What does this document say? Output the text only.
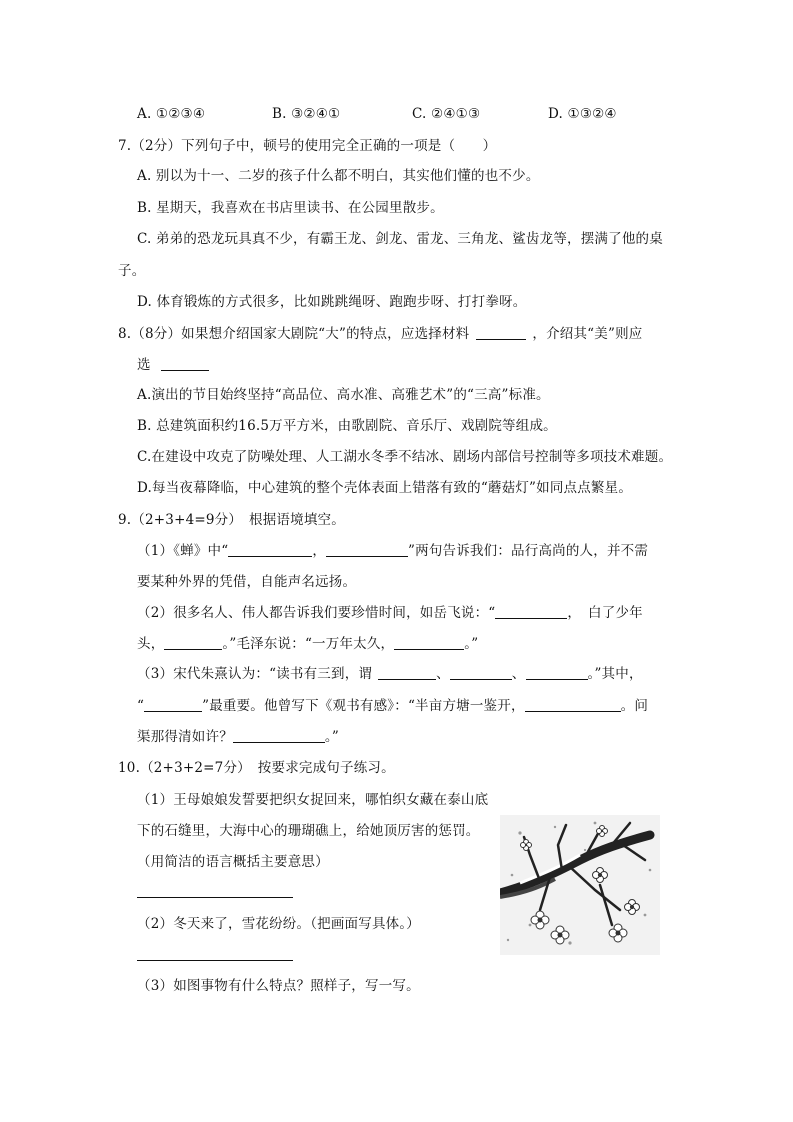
A. ①②③④	B. ③②④①	C. ②④①③	D. ①③②④
7.（2分）下列句子中，顿号的使用完全正确的一项是（　　）
A. 别以为十一、二岁的孩子什么都不明白，其实他们懂的也不少。
B. 星期天，我喜欢在书店里读书、在公园里散步。
C. 弟弟的恐龙玩具真不少，有霸王龙、剑龙、雷龙、三角龙、鲨齿龙等，摆满了他的桌
子。
D. 体育锻炼的方式很多，比如跳跳绳呀、跑跑步呀、打打拳呀。
8.（8分）如果想介绍国家大剧院“大”的特点，应选择材料	，介绍其“美”则应
选
A.演出的节目始终坚持“高品位、高水准、高雅艺术”的“三高”标准。
B. 总建筑面积约16.5万平方米，由歌剧院、音乐厅、戏剧院等组成。
C.在建设中攻克了防噪处理、人工湖水冬季不结冰、剧场内部信号控制等多项技术难题。
D.每当夜幕降临，中心建筑的整个壳体表面上错落有致的“蘑菇灯”如同点点繁星。
9.（2+3+4=9分）　根据语境填空。
（1）《蝉》中“	，	”两句告诉我们：品行高尚的人，并不需
要某种外界的凭借，自能声名远扬。
（2）很多名人、伟人都告诉我们要珍惜时间，如岳飞说：“	，　白了少年
头，	。”毛泽东说：“一万年太久，	。”
（3）宋代朱熹认为：“读书有三到，谓	、	、	。”其中，
“	”最重要。他曾写下《观书有感》：“半亩方塘一鉴开，	。问
渠那得清如许？	。”
10.（2+3+2=7分）　按要求完成句子练习。
（1）王母娘娘发誓要把织女捉回来，哪怕织女藏在泰山底
下的石缝里，大海中心的珊瑚礁上，给她顶厉害的惩罚。
（用简洁的语言概括主要意思）
（2）冬天来了，雪花纷纷。（把画面写具体。）
（3）如图事物有什么特点？照样子，写一写。
